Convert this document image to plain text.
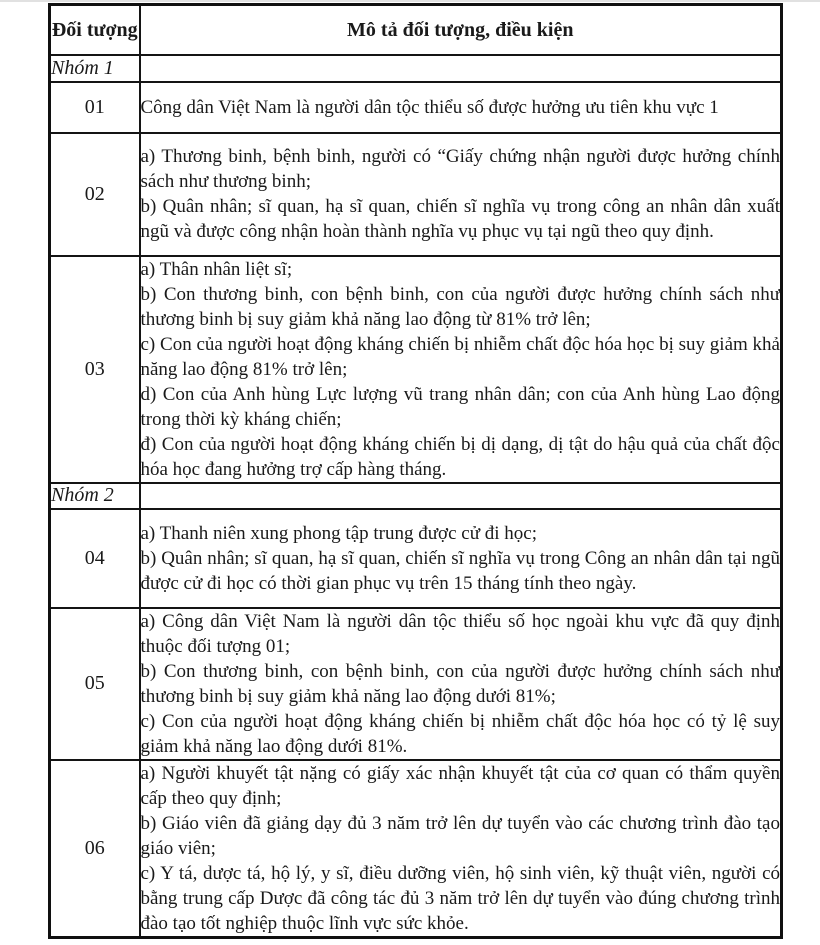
Đối tượng	Mô tả đối tượng, điều kiện
Nhóm 1	
01	Công dân Việt Nam là người dân tộc thiểu số được hưởng ưu tiên khu vực 1

02	a) Thương binh, bệnh binh, người có “Giấy chứng nhận người được hưởng chính sách như thương binh;

b) Quân nhân; sĩ quan, hạ sĩ quan, chiến sĩ nghĩa vụ trong công an nhân dân xuất ngũ và được công nhận hoàn thành nghĩa vụ phục vụ tại ngũ theo quy định.

03	a) Thân nhân liệt sĩ;

b) Con thương binh, con bệnh binh, con của người được hưởng chính sách như thương binh bị suy giảm khả năng lao động từ 81% trở lên;

c) Con của người hoạt động kháng chiến bị nhiễm chất độc hóa học bị suy giảm khả năng lao động 81% trở lên;

d) Con của Anh hùng Lực lượng vũ trang nhân dân; con của Anh hùng Lao động trong thời kỳ kháng chiến;

đ) Con của người hoạt động kháng chiến bị dị dạng, dị tật do hậu quả của chất độc hóa học đang hưởng trợ cấp hàng tháng.

Nhóm 2	
04	a) Thanh niên xung phong tập trung được cử đi học;

b) Quân nhân; sĩ quan, hạ sĩ quan, chiến sĩ nghĩa vụ trong Công an nhân dân tại ngũ được cử đi học có thời gian phục vụ trên 15 tháng tính theo ngày.

05	a) Công dân Việt Nam là người dân tộc thiểu số học ngoài khu vực đã quy định thuộc đối tượng 01;

b) Con thương binh, con bệnh binh, con của người được hưởng chính sách như thương binh bị suy giảm khả năng lao động dưới 81%;

c) Con của người hoạt động kháng chiến bị nhiễm chất độc hóa học có tỷ lệ suy giảm khả năng lao động dưới 81%.

06	a) Người khuyết tật nặng có giấy xác nhận khuyết tật của cơ quan có thẩm quyền cấp theo quy định;

b) Giáo viên đã giảng dạy đủ 3 năm trở lên dự tuyển vào các chương trình đào tạo giáo viên;

c) Y tá, dược tá, hộ lý, y sĩ, điều dưỡng viên, hộ sinh viên, kỹ thuật viên, người có bằng trung cấp Dược đã công tác đủ 3 năm trở lên dự tuyển vào đúng chương trình đào tạo tốt nghiệp thuộc lĩnh vực sức khỏe.
